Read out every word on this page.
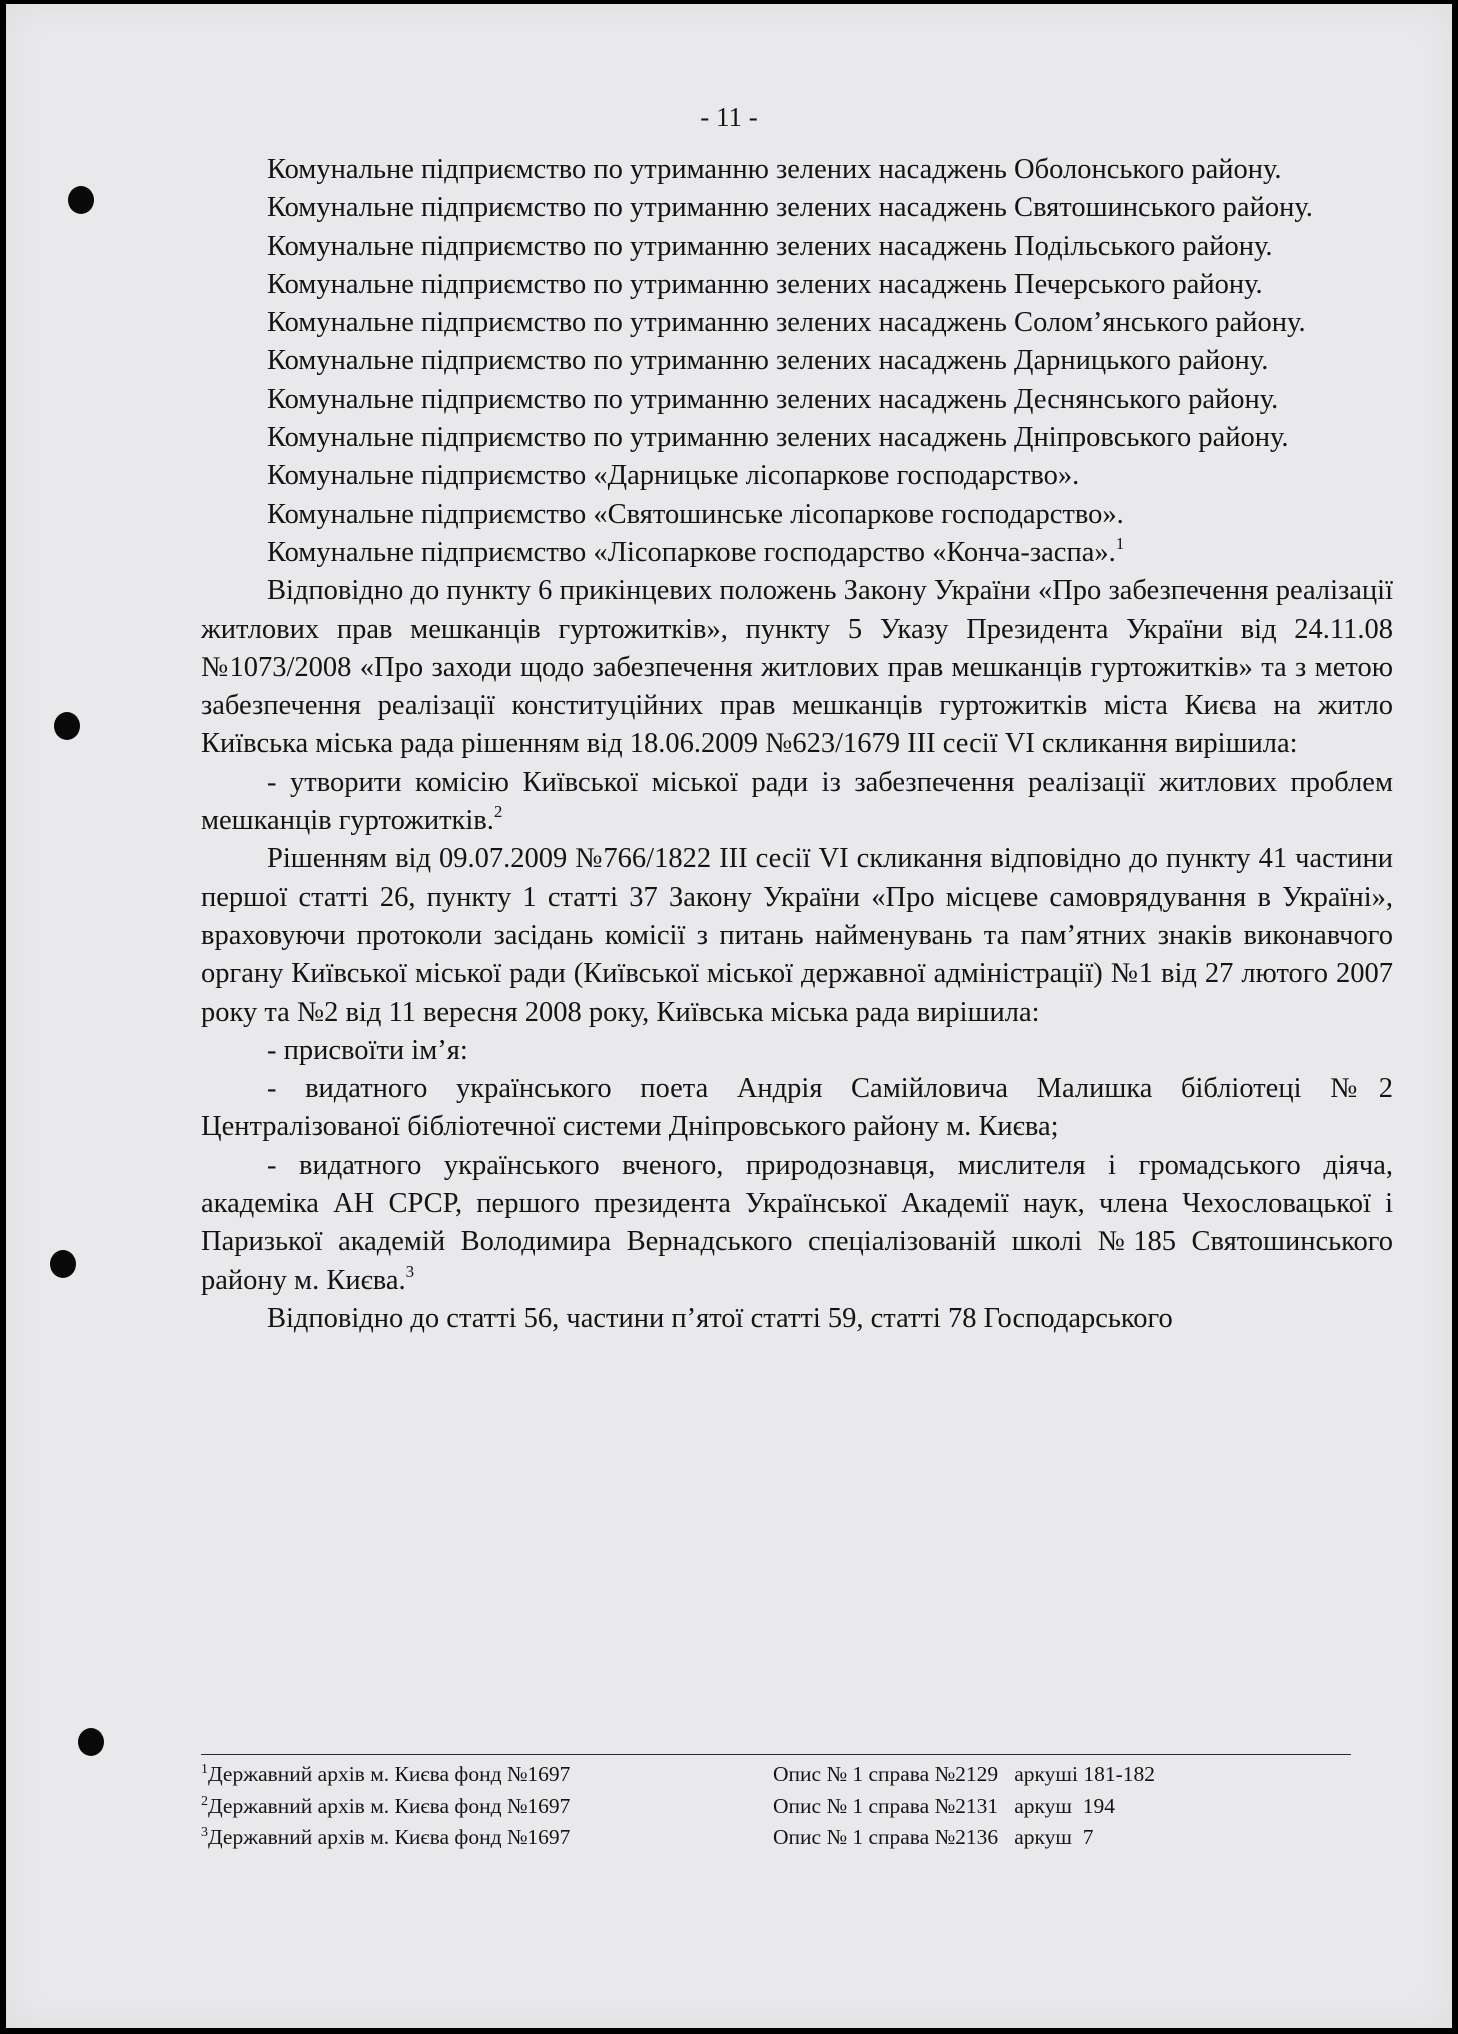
- 11 -

Комунальне підприємство по утриманню зелених насаджень Оболонського району.

Комунальне підприємство по утриманню зелених насаджень Святошинського району.

Комунальне підприємство по утриманню зелених насаджень Подільського району.

Комунальне підприємство по утриманню зелених насаджень Печерського району.

Комунальне підприємство по утриманню зелених насаджень Солом’янського району.

Комунальне підприємство по утриманню зелених насаджень Дарницького району.

Комунальне підприємство по утриманню зелених насаджень Деснянського району.

Комунальне підприємство по утриманню зелених насаджень Дніпровського району.

Комунальне підприємство «Дарницьке лісопаркове господарство».

Комунальне підприємство «Святошинське лісопаркове господарство».

Комунальне підприємство «Лісопаркове господарство «Конча-заспа».$^1$

Відповідно до пункту 6 прикінцевих положень Закону України «Про забезпечення реалізації житлових прав мешканців гуртожитків», пункту 5 Указу Президента України від 24.11.08 №1073/2008 «Про заходи щодо забезпечення житлових прав мешканців гуртожитків» та з метою забезпечення реалізації конституційних прав мешканців гуртожитків міста Києва на житло Київська міська рада рішенням від 18.06.2009 №623/1679 ІІІ сесії VІ скликання вирішила:

- утворити комісію Київської міської ради із забезпечення реалізації житлових проблем мешканців гуртожитків.$^2$

Рішенням від 09.07.2009 №766/1822 ІІІ сесії VІ скликання відповідно до пункту 41 частини першої статті 26, пункту 1 статті 37 Закону України «Про місцеве самоврядування в Україні», враховуючи протоколи засідань комісії з питань найменувань та пам’ятних знаків виконавчого органу Київської міської ради (Київської міської державної адміністрації) №1 від 27 лютого 2007 року та №2 від 11 вересня 2008 року, Київська міська рада вирішила:

- присвоїти ім’я:

- видатного українського поета Андрія Самійловича Малишка бібліотеці №2 Централізованої бібліотечної системи Дніпровського району м. Києва;

- видатного українського вченого, природознавця, мислителя і громадського діяча, академіка АН СРСР, першого президента Української Академії наук, члена Чехословацької і Паризької академій Володимира Вернадського спеціалізованій школі №185 Святошинського району м. Києва.$^3$

Відповідно до статті 56, частини п’ятої статті 59, статті 78 Господарського

$^1$Державний архів м. Києва фонд №1697	Опис № 1 справа №2129   аркуші 181-182
$^2$Державний архів м. Києва фонд №1697	Опис № 1 справа №2131   аркуш  194
$^3$Державний архів м. Києва фонд №1697	Опис № 1 справа №2136   аркуш  7
